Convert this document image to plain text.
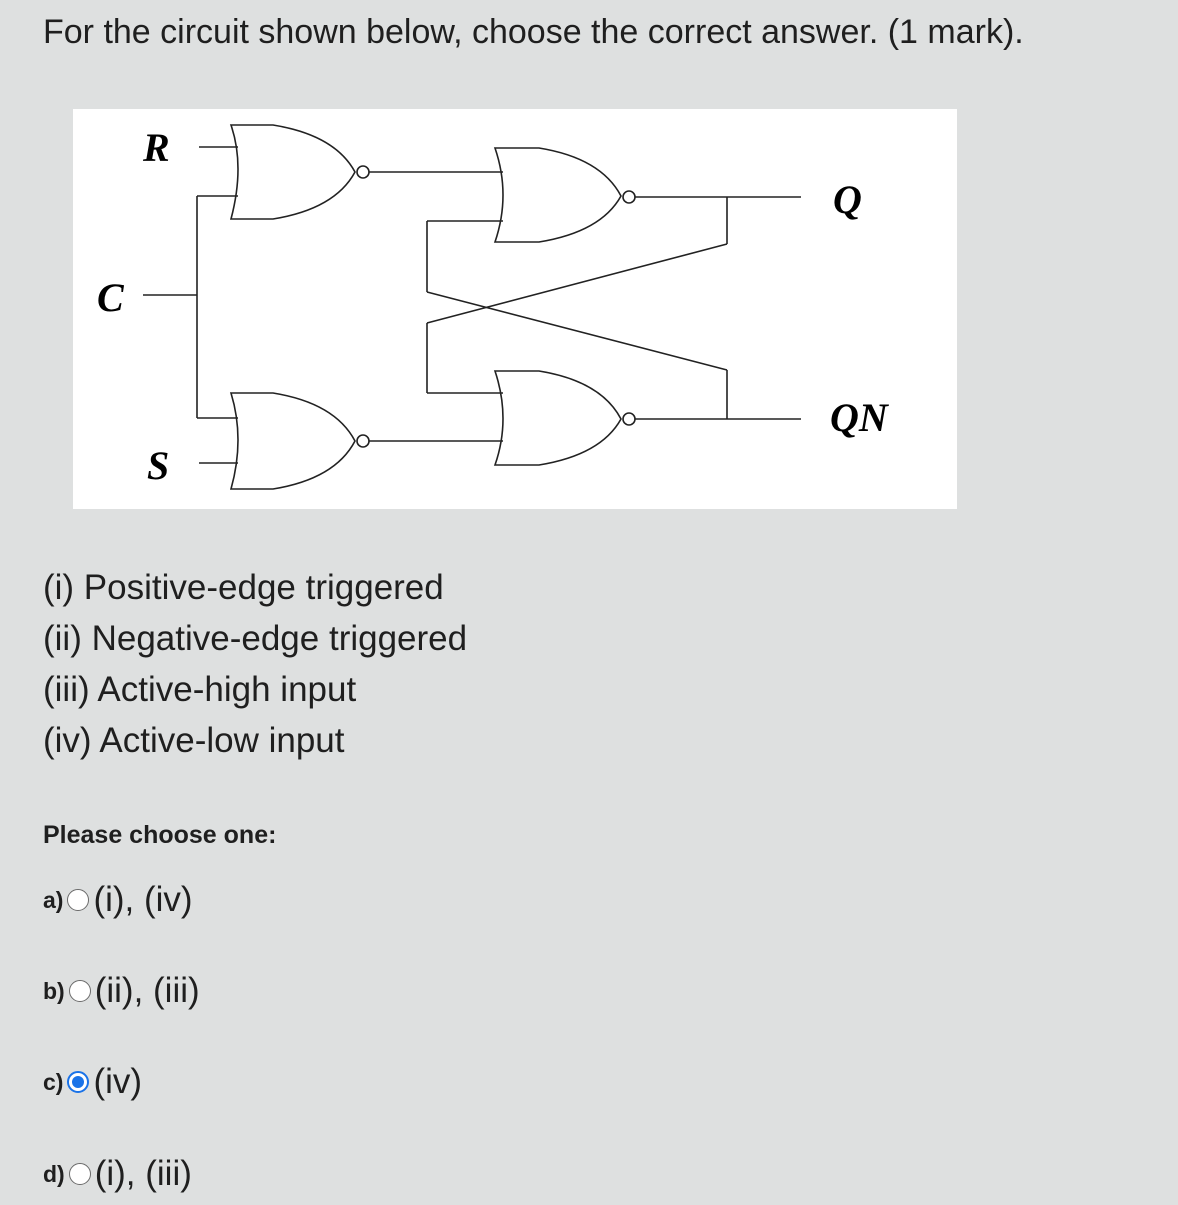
For the circuit shown below, choose the correct answer. (1 mark).
R
S
C
Q
QN
(i) Positive-edge triggered
(ii) Negative-edge triggered
(iii) Active-high input
(iv) Active-low input
Please choose one:
a) (i), (iv)
b) (ii), (iii)
c) (iv)
d) (i), (iii)
